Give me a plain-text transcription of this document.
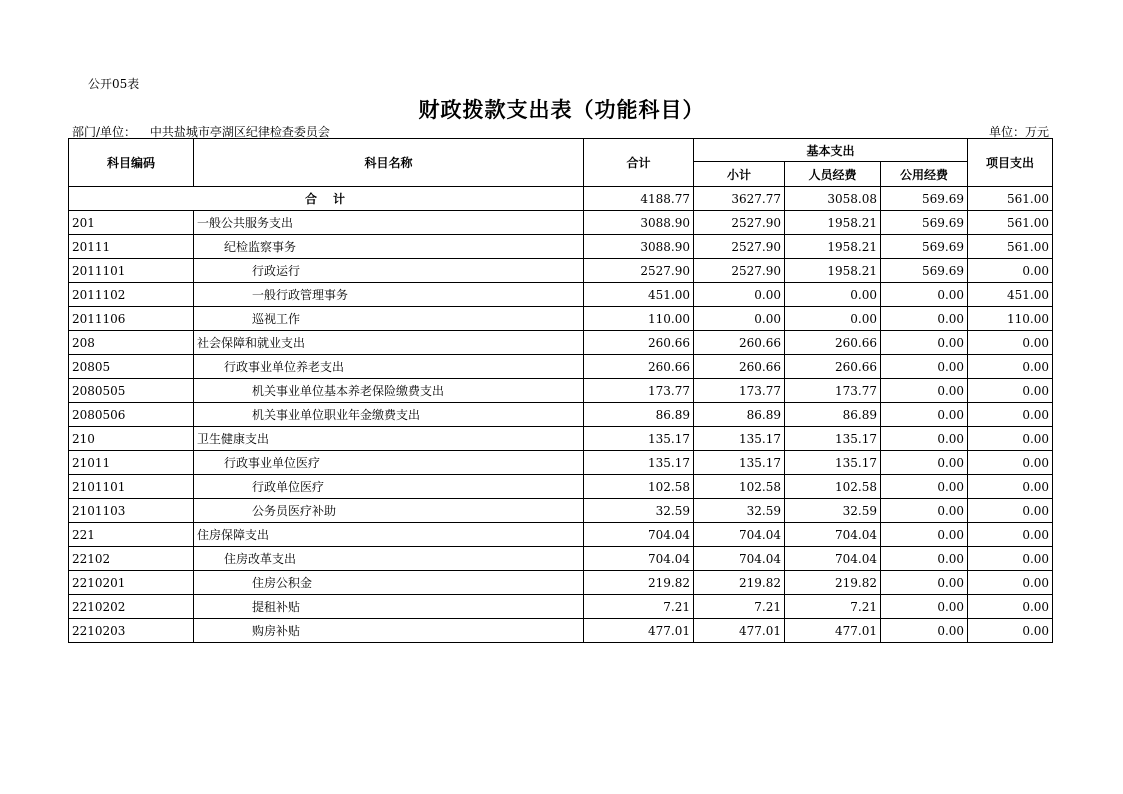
公开05表
财政拨款支出表（功能科目）
部门/单位： 中共盐城市亭湖区纪律检查委员会	单位：万元
科目编码	科目名称	合计	基本支出			项目支出
			小计	人员经费	公用经费	
合　计		4188.77	3627.77	3058.08	569.69	561.00
201	一般公共服务支出	3088.90	2527.90	1958.21	569.69	561.00
20111	纪检监察事务	3088.90	2527.90	1958.21	569.69	561.00
2011101	行政运行	2527.90	2527.90	1958.21	569.69	0.00
2011102	一般行政管理事务	451.00	0.00	0.00	0.00	451.00
2011106	巡视工作	110.00	0.00	0.00	0.00	110.00
208	社会保障和就业支出	260.66	260.66	260.66	0.00	0.00
20805	行政事业单位养老支出	260.66	260.66	260.66	0.00	0.00
2080505	机关事业单位基本养老保险缴费支出	173.77	173.77	173.77	0.00	0.00
2080506	机关事业单位职业年金缴费支出	86.89	86.89	86.89	0.00	0.00
210	卫生健康支出	135.17	135.17	135.17	0.00	0.00
21011	行政事业单位医疗	135.17	135.17	135.17	0.00	0.00
2101101	行政单位医疗	102.58	102.58	102.58	0.00	0.00
2101103	公务员医疗补助	32.59	32.59	32.59	0.00	0.00
221	住房保障支出	704.04	704.04	704.04	0.00	0.00
22102	住房改革支出	704.04	704.04	704.04	0.00	0.00
2210201	住房公积金	219.82	219.82	219.82	0.00	0.00
2210202	提租补贴	7.21	7.21	7.21	0.00	0.00
2210203	购房补贴	477.01	477.01	477.01	0.00	0.00
